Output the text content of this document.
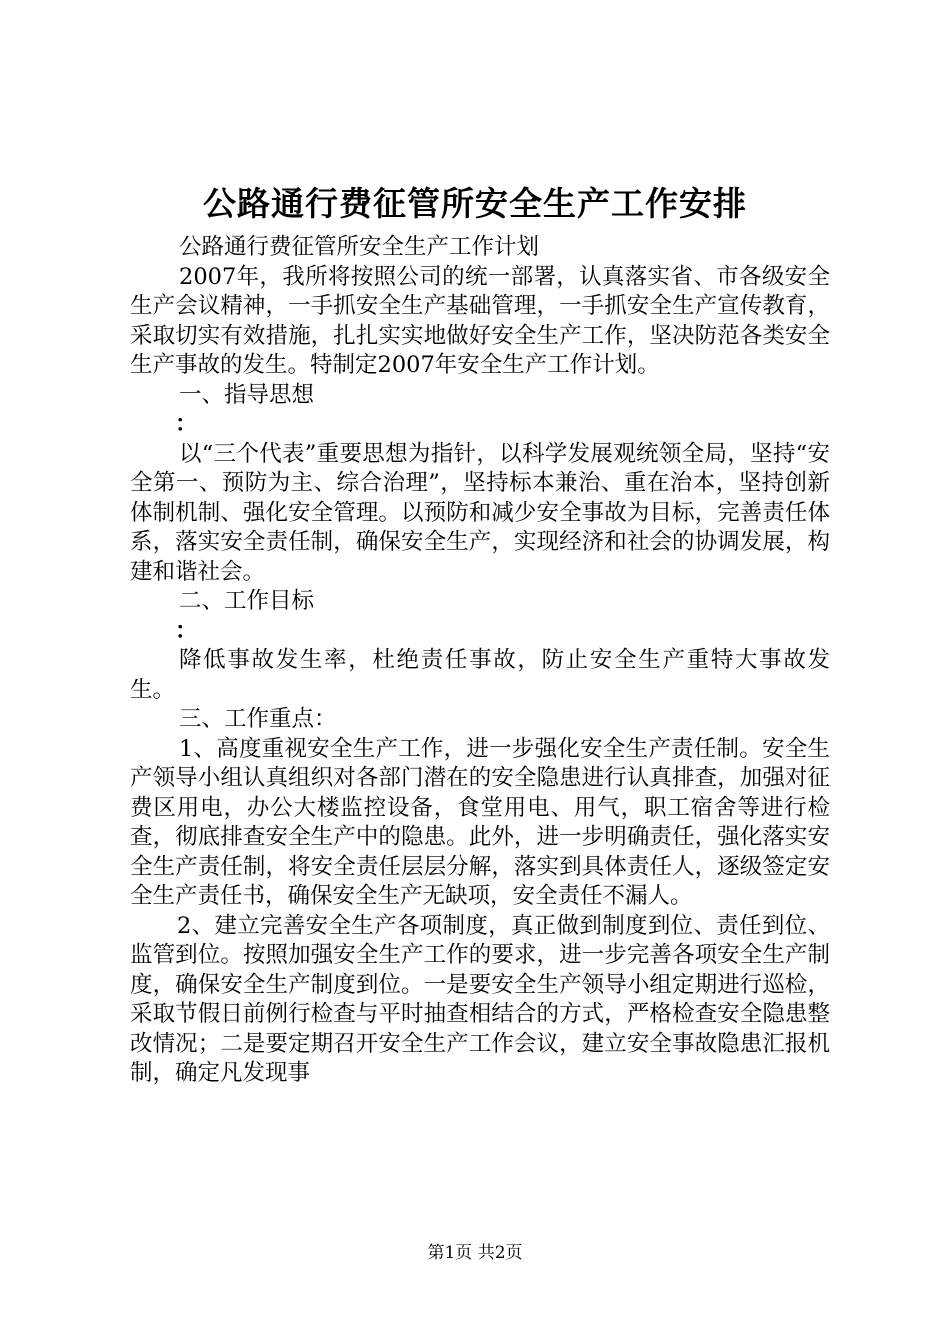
公路通行费征管所安全生产工作安排

公路通行费征管所安全生产工作计划

2007年，我所将按照公司的统一部署，认真落实省、市各级安全生产会议精神，一手抓安全生产基础管理，一手抓安全生产宣传教育，采取切实有效措施，扎扎实实地做好安全生产工作，坚决防范各类安全生产事故的发生。特制定2007年安全生产工作计划。

一、指导思想

：

以“三个代表”重要思想为指针，以科学发展观统领全局，坚持“安全第一、预防为主、综合治理”，坚持标本兼治、重在治本，坚持创新体制机制、强化安全管理。以预防和减少安全事故为目标，完善责任体系，落实安全责任制，确保安全生产，实现经济和社会的协调发展，构建和谐社会。

二、工作目标

：

降低事故发生率，杜绝责任事故，防止安全生产重特大事故发生。

三、工作重点：

1、高度重视安全生产工作，进一步强化安全生产责任制。安全生产领导小组认真组织对各部门潜在的安全隐患进行认真排查，加强对征费区用电，办公大楼监控设备，食堂用电、用气，职工宿舍等进行检查，彻底排查安全生产中的隐患。此外，进一步明确责任，强化落实安全生产责任制，将安全责任层层分解，落实到具体责任人，逐级签定安全生产责任书，确保安全生产无缺项，安全责任不漏人。

2、建立完善安全生产各项制度，真正做到制度到位、责任到位、监管到位。按照加强安全生产工作的要求，进一步完善各项安全生产制度，确保安全生产制度到位。一是要安全生产领导小组定期进行巡检，采取节假日前例行检查与平时抽查相结合的方式，严格检查安全隐患整改情况；二是要定期召开安全生产工作会议，建立安全事故隐患汇报机制，确定凡发现事

第1页 共2页
